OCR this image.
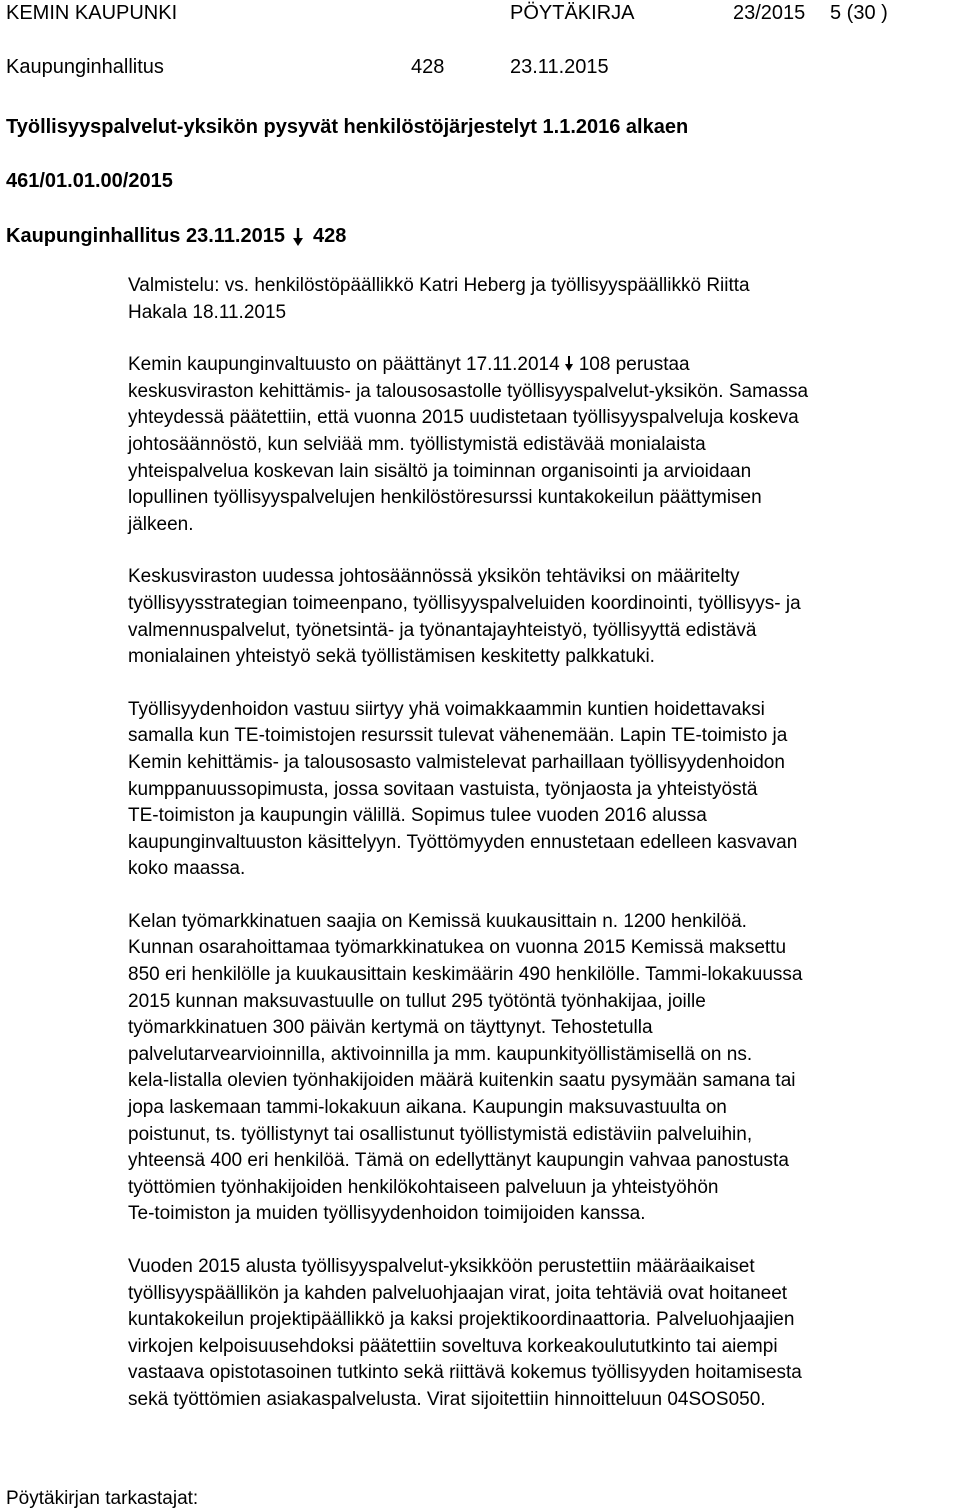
KEMIN KAUPUNKI	PÖYTÄKIRJA	23/2015 5 (30 )
Kaupunginhallitus	428	23.11.2015
Työllisyyspalvelut-yksikön pysyvät henkilöstöjärjestelyt 1.1.2016 alkaen
461/01.01.00/2015
Kaupunginhallitus 23.11.2015 428

Valmistelu: vs. henkilöstöpäällikkö Katri Heberg ja työllisyyspäällikkö Riitta
Hakala 18.11.2015

Kemin kaupunginvaltuusto on päättänyt 17.11.2014 108 perustaa
keskusviraston kehittämis- ja talousosastolle työllisyyspalvelut-yksikön. Samassa
yhteydessä päätettiin, että vuonna 2015 uudistetaan työllisyyspalveluja koskeva
johtosäännöstö, kun selviää mm. työllistymistä edistävää monialaista
yhteispalvelua koskevan lain sisältö ja toiminnan organisointi ja arvioidaan
lopullinen työllisyyspalvelujen henkilöstöresurssi kuntakokeilun päättymisen
jälkeen.

Keskusviraston uudessa johtosäännössä yksikön tehtäviksi on määritelty
työllisyysstrategian toimeenpano, työllisyyspalveluiden koordinointi, työllisyys- ja
valmennuspalvelut, työnetsintä- ja työnantajayhteistyö, työllisyyttä edistävä
monialainen yhteistyö sekä työllistämisen keskitetty palkkatuki.

Työllisyydenhoidon vastuu siirtyy yhä voimakkaammin kuntien hoidettavaksi
samalla kun TE-toimistojen resurssit tulevat vähenemään. Lapin TE-toimisto ja
Kemin kehittämis- ja talousosasto valmistelevat parhaillaan työllisyydenhoidon
kumppanuussopimusta, jossa sovitaan vastuista, työnjaosta ja yhteistyöstä
TE-toimiston ja kaupungin välillä. Sopimus tulee vuoden 2016 alussa
kaupunginvaltuuston käsittelyyn. Työttömyyden ennustetaan edelleen kasvavan
koko maassa.

Kelan työmarkkinatuen saajia on Kemissä kuukausittain n. 1200 henkilöä.
Kunnan osarahoittamaa työmarkkinatukea on vuonna 2015 Kemissä maksettu
850 eri henkilölle ja kuukausittain keskimäärin 490 henkilölle. Tammi-lokakuussa
2015 kunnan maksuvastuulle on tullut 295 työtöntä työnhakijaa, joille
työmarkkinatuen 300 päivän kertymä on täyttynyt. Tehostetulla
palvelutarvearvioinnilla, aktivoinnilla ja mm. kaupunkityöllistämisellä on ns.
kela-listalla olevien työnhakijoiden määrä kuitenkin saatu pysymään samana tai
jopa laskemaan tammi-lokakuun aikana. Kaupungin maksuvastuulta on
poistunut, ts. työllistynyt tai osallistunut työllistymistä edistäviin palveluihin,
yhteensä 400 eri henkilöä. Tämä on edellyttänyt kaupungin vahvaa panostusta
työttömien työnhakijoiden henkilökohtaiseen palveluun ja yhteistyöhön
Te-toimiston ja muiden työllisyydenhoidon toimijoiden kanssa.

Vuoden 2015 alusta työllisyyspalvelut-yksikköön perustettiin määräaikaiset
työllisyyspäällikön ja kahden palveluohjaajan virat, joita tehtäviä ovat hoitaneet
kuntakokeilun projektipäällikkö ja kaksi projektikoordinaattoria. Palveluohjaajien
virkojen kelpoisuusehdoksi päätettiin soveltuva korkeakoulututkinto tai aiempi
vastaava opistotasoinen tutkinto sekä riittävä kokemus työllisyyden hoitamisesta
sekä työttömien asiakaspalvelusta. Virat sijoitettiin hinnoitteluun 04SOS050.

Pöytäkirjan tarkastajat:
